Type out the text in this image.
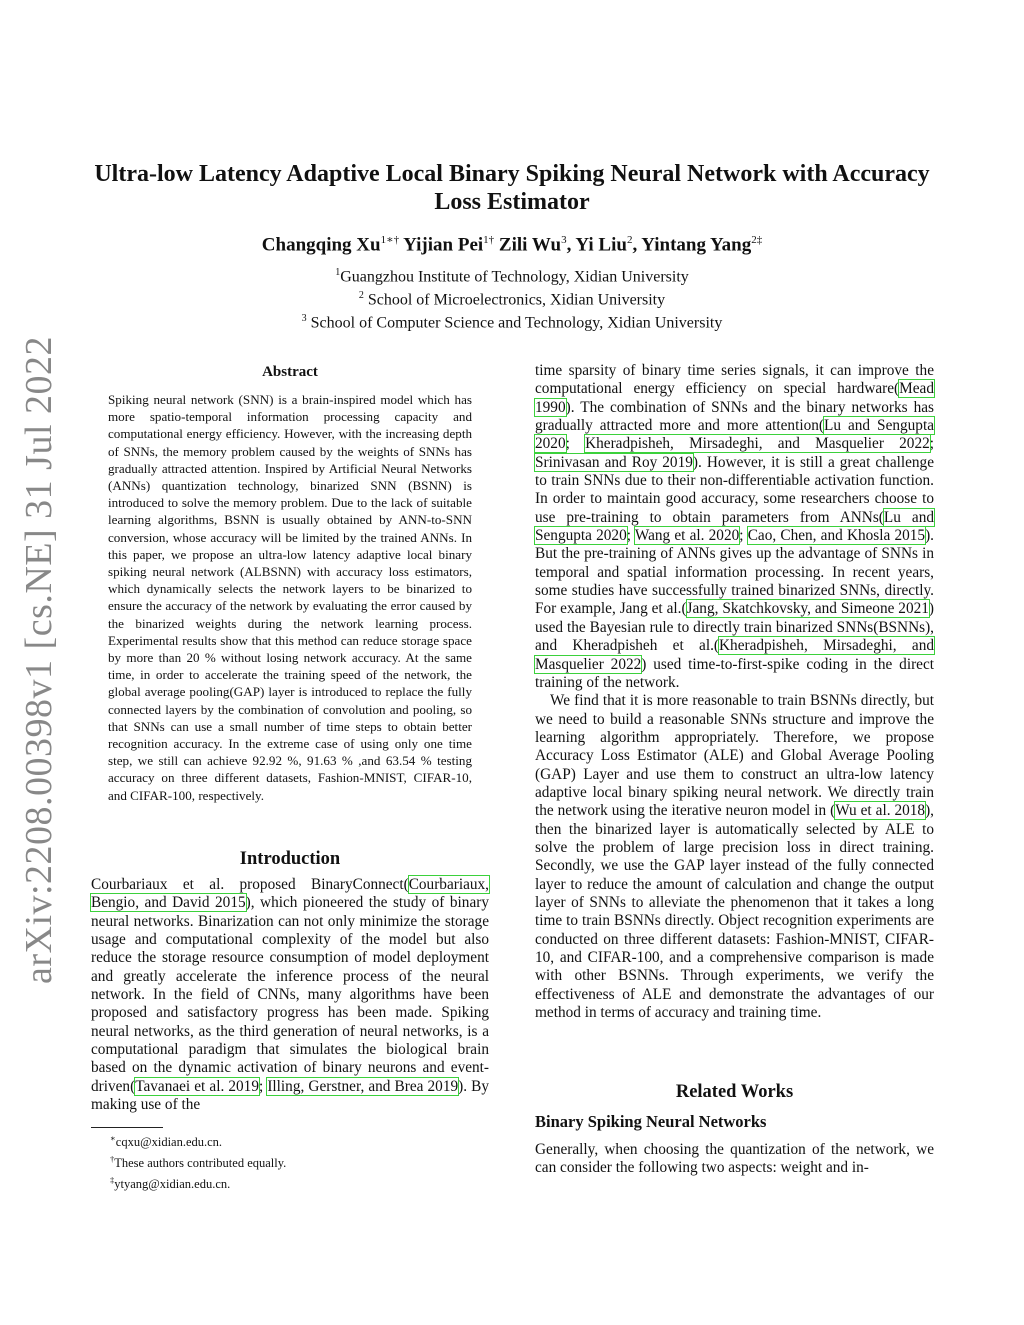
arXiv:2208.00398v1 [cs.NE] 31 Jul 2022
Ultra-low Latency Adaptive Local Binary Spiking Neural Network with Accuracy Loss Estimator
Changqing $Xu^{1∗\dagger}$ Yijian Pei$^{1\dagger}$ Zili Wu$^3$, Yi Liu$^2$, Yintang Yang$^{2\ddagger}$
$^1$Guangzhou Institute of Technology, Xidian University
$^2$ School of Microelectronics, Xidian University
$^3$ School of Computer Science and Technology, Xidian University
Abstract
Spiking neural network (SNN) is a brain-inspired model which has more spatio-temporal information processing capacity and computational energy efficiency. However, with the increasing depth of SNNs, the memory problem caused by the weights of SNNs has gradually attracted attention. Inspired by Artificial Neural Networks (ANNs) quantization technology, binarized SNN (BSNN) is introduced to solve the memory problem. Due to the lack of suitable learning algorithms, BSNN is usually obtained by ANN-to-SNN conversion, whose accuracy will be limited by the trained ANNs. In this paper, we propose an ultra-low latency adaptive local binary spiking neural network (ALBSNN) with accuracy loss estimators, which dynamically selects the network layers to be binarized to ensure the accuracy of the network by evaluating the error caused by the binarized weights during the network learning process. Experimental results show that this method can reduce storage space by more than 20 % without losing network accuracy. At the same time, in order to accelerate the training speed of the network, the global average pooling(GAP) layer is introduced to replace the fully connected layers by the combination of convolution and pooling, so that SNNs can use a small number of time steps to obtain better recognition accuracy. In the extreme case of using only one time step, we still can achieve 92.92 %, 91.63 % ,and 63.54 % testing accuracy on three different datasets, Fashion-MNIST, CIFAR-10, and CIFAR-100, respectively.
Introduction

Courbariaux et al. proposed BinaryConnect(Courbariaux, Bengio, and David 2015), which pioneered the study of binary neural networks. Binarization can not only minimize the storage usage and computational complexity of the model but also reduce the storage resource consumption of model deployment and greatly accelerate the inference process of the neural network. In the field of CNNs, many algorithms have been proposed and satisfactory progress has been made. Spiking neural networks, as the third generation of neural networks, is a computational paradigm that simulates the biological brain based on the dynamic activation of binary neurons and event-driven(Tavanaei et al. 2019; Illing, Gerstner, and Brea 2019). By making use of the

∗cqxu@xidian.edu.cn.
†These authors contributed equally.
‡ytyang@xidian.edu.cn.

time sparsity of binary time series signals, it can improve the computational energy efficiency on special hardware(Mead 1990). The combination of SNNs and the binary networks has gradually attracted more and more attention(Lu and Sengupta 2020; Kheradpisheh, Mirsadeghi, and Masquelier 2022; Srinivasan and Roy 2019). However, it is still a great challenge to train SNNs due to their non-differentiable activation function. In order to maintain good accuracy, some researchers choose to use pre-training to obtain parameters from ANNs(Lu and Sengupta 2020; Wang et al. 2020; Cao, Chen, and Khosla 2015). But the pre-training of ANNs gives up the advantage of SNNs in temporal and spatial information processing. In recent years, some studies have successfully trained binarized SNNs, directly. For example, Jang et al.(Jang, Skatchkovsky, and Simeone 2021) used the Bayesian rule to directly train binarized SNNs(BSNNs), and Kheradpisheh et al.(Kheradpisheh, Mirsadeghi, and Masquelier 2022) used time-to-first-spike coding in the direct training of the network.

We find that it is more reasonable to train BSNNs directly, but we need to build a reasonable SNNs structure and improve the learning algorithm appropriately. Therefore, we propose Accuracy Loss Estimator (ALE) and Global Average Pooling (GAP) Layer and use them to construct an ultra-low latency adaptive local binary spiking neural network. We directly train the network using the iterative neuron model in (Wu et al. 2018), then the binarized layer is automatically selected by ALE to solve the problem of large precision loss in direct training. Secondly, we use the GAP layer instead of the fully connected layer to reduce the amount of calculation and change the output layer of SNNs to alleviate the phenomenon that it takes a long time to train BSNNs directly. Object recognition experiments are conducted on three different datasets: Fashion-MNIST, CIFAR-10, and CIFAR-100, and a comprehensive comparison is made with other BSNNs. Through experiments, we verify the effectiveness of ALE and demonstrate the advantages of our method in terms of accuracy and training time.

Related Works
Binary Spiking Neural Networks
Generally, when choosing the quantization of the network, we can consider the following two aspects: weight and in-
